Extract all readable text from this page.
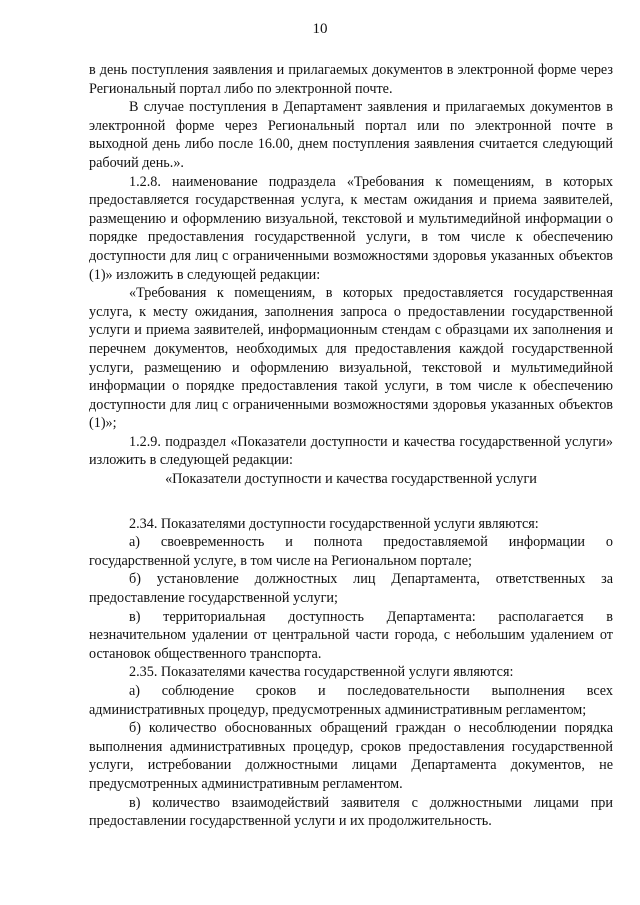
10

в день поступления заявления и прилагаемых документов в электронной форме через Региональный портал либо по электронной почте.

В случае поступления в Департамент заявления и прилагаемых документов в электронной форме через Региональный портал или по электронной почте в выходной день либо после 16.00, днем поступления заявления считается следующий рабочий день.».

1.2.8. наименование подраздела «Требования к помещениям, в которых предоставляется государственная услуга, к местам ожидания и приема заявителей, размещению и оформлению визуальной, текстовой и мультимедийной информации о порядке предоставления государственной услуги, в том числе к обеспечению доступности для лиц с ограниченными возможностями здоровья указанных объектов (1)» изложить в следующей редакции:

«Требования к помещениям, в которых предоставляется государственная услуга, к месту ожидания, заполнения запроса о предоставлении государственной услуги и приема заявителей, информационным стендам с образцами их заполнения и перечнем документов, необходимых для предоставления каждой государственной услуги, размещению и оформлению визуальной, текстовой и мультимедийной информации о порядке предоставления такой услуги, в том числе к обеспечению доступности для лиц с ограниченными возможностями здоровья указанных объектов (1)»;

1.2.9. подраздел «Показатели доступности и качества государственной услуги» изложить в следующей редакции:

«Показатели доступности и качества государственной услуги

2.34. Показателями доступности государственной услуги являются:

а) своевременность и полнота предоставляемой информации о государственной услуге, в том числе на Региональном портале;

б) установление должностных лиц Департамента, ответственных за предоставление государственной услуги;

в) территориальная доступность Департамента: располагается в незначительном удалении от центральной части города, с небольшим удалением от остановок общественного транспорта.

2.35. Показателями качества государственной услуги являются:

а) соблюдение сроков и последовательности выполнения всех административных процедур, предусмотренных административным регламентом;

б) количество обоснованных обращений граждан о несоблюдении порядка выполнения административных процедур, сроков предоставления государственной услуги, истребовании должностными лицами Департамента документов, не предусмотренных административным регламентом.

в) количество взаимодействий заявителя с должностными лицами при предоставлении государственной услуги и их продолжительность.
